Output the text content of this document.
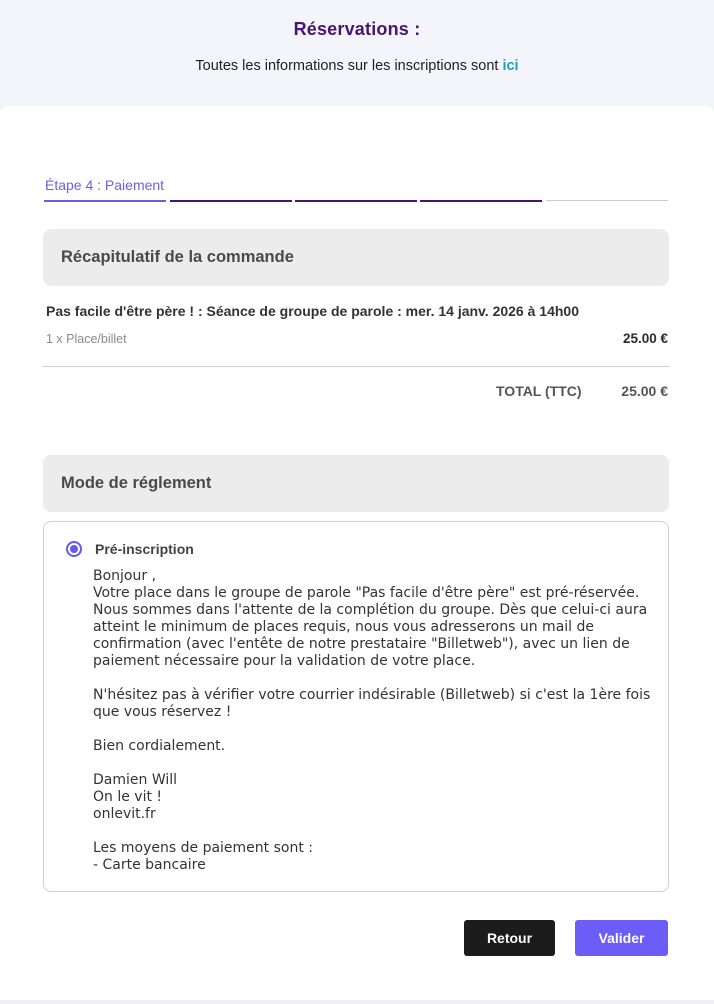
Réservations :
Toutes les informations sur les inscriptions sont ici
Étape 4 : Paiement
Récapitulatif de la commande
Pas facile d'être père ! : Séance de groupe de parole : mer. 14 janv. 2026 à 14h00
1 x Place/billet	25.00 €
TOTAL (TTC)	25.00 €
Mode de réglement
Pré-inscription

Bonjour ,
Votre place dans le groupe de parole "Pas facile d'être père" est pré-réservée. Nous sommes dans l'attente de la complétion du groupe. Dès que celui-ci aura atteint le minimum de places requis, nous vous adresserons un mail de confirmation (avec l'entête de notre prestataire "Billetweb"), avec un lien de paiement nécessaire pour la validation de votre place.

N'hésitez pas à vérifier votre courrier indésirable (Billetweb) si c'est la 1ère fois que vous réservez !

Bien cordialement.

Damien Will
On le vit !
onlevit.fr

Les moyens de paiement sont :
- Carte bancaire

Retour	Valider
